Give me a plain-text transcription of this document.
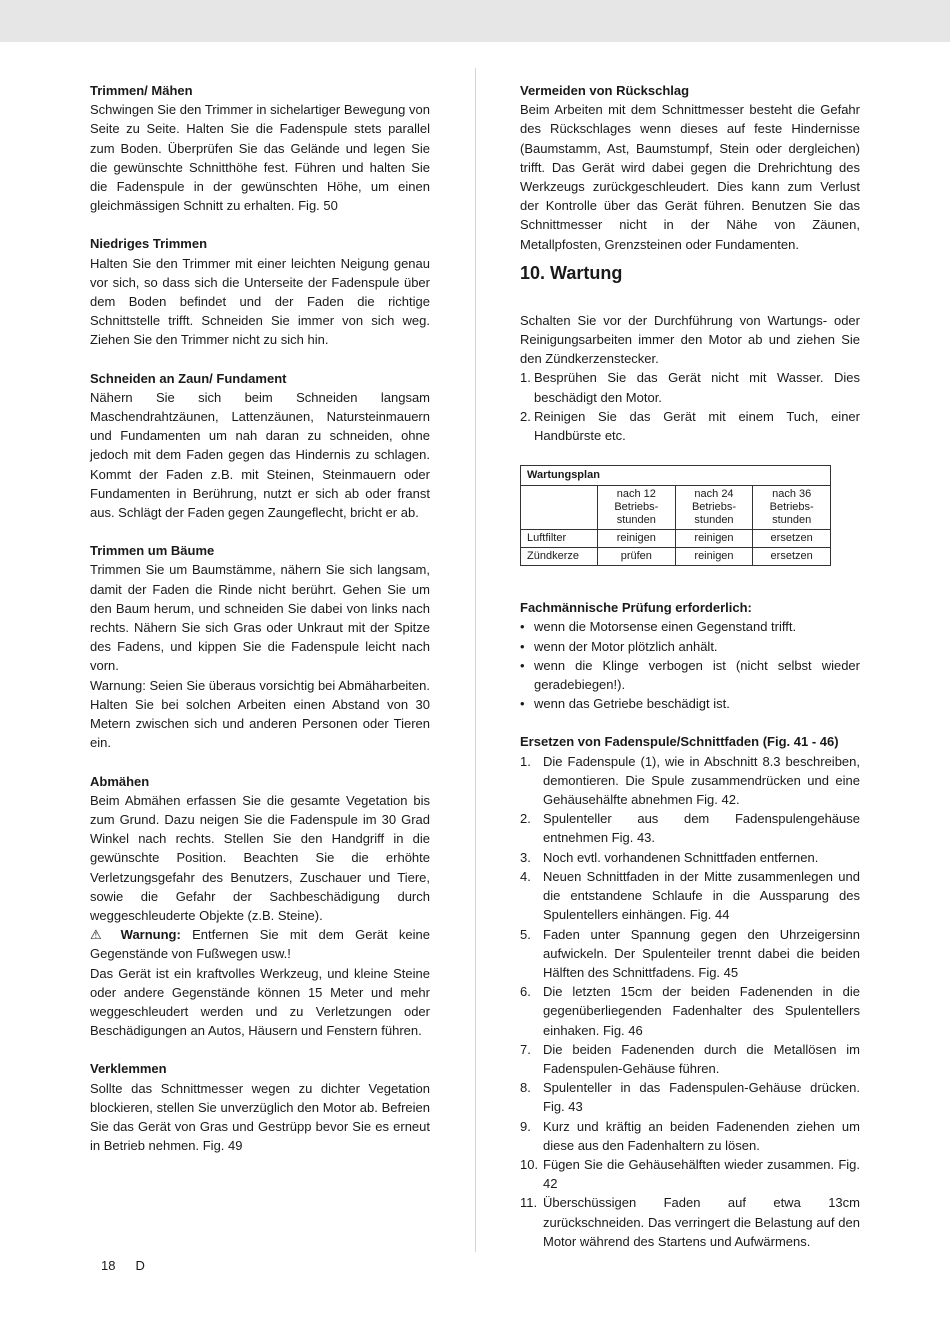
Trimmen/ Mähen
Schwingen Sie den Trimmer in sichelartiger Bewegung von Seite zu Seite. Halten Sie die Fadenspule stets parallel zum Boden. Überprüfen Sie das Gelände und legen Sie die gewünschte Schnitthöhe fest. Führen und halten Sie die Fadenspule in der gewünschten Höhe, um einen gleichmässigen Schnitt zu erhalten. Fig. 50
Niedriges Trimmen
Halten Sie den Trimmer mit einer leichten Neigung genau vor sich, so dass sich die Unterseite der Fadenspule über dem Boden befindet und der Faden die richtige Schnittstelle trifft. Schneiden Sie immer von sich weg. Ziehen Sie den Trimmer nicht zu sich hin.
Schneiden an Zaun/ Fundament
Nähern Sie sich beim Schneiden langsam Maschendrahtzäunen, Lattenzäunen, Natursteinmauern und Fundamenten um nah daran zu schneiden, ohne jedoch mit dem Faden gegen das Hindernis zu schlagen. Kommt der Faden z.B. mit Steinen, Steinmauern oder Fundamenten in Berührung, nutzt er sich ab oder franst aus. Schlägt der Faden gegen Zaungeflecht, bricht er ab.
Trimmen um Bäume
Trimmen Sie um Baumstämme, nähern Sie sich langsam, damit der Faden die Rinde nicht berührt. Gehen Sie um den Baum herum, und schneiden Sie dabei von links nach rechts. Nähern Sie sich Gras oder Unkraut mit der Spitze des Fadens, und kippen Sie die Fadenspule leicht nach vorn.
Warnung: Seien Sie überaus vorsichtig bei Abmäharbeiten. Halten Sie bei solchen Arbeiten einen Abstand von 30 Metern zwischen sich und anderen Personen oder Tieren ein.
Abmähen
Beim Abmähen erfassen Sie die gesamte Vegetation bis zum Grund. Dazu neigen Sie die Fadenspule im 30 Grad Winkel nach rechts. Stellen Sie den Handgriff in die gewünschte Position. Beachten Sie die erhöhte Verletzungsgefahr des Benutzers, Zuschauer und Tiere, sowie die Gefahr der Sachbeschädigung durch weggeschleuderte Objekte (z.B. Steine).
⚠ Warnung: Entfernen Sie mit dem Gerät keine Gegenstände von Fußwegen usw.!
Das Gerät ist ein kraftvolles Werkzeug, und kleine Steine oder andere Gegenstände können 15 Meter und mehr weggeschleudert werden und zu Verletzungen oder Beschädigungen an Autos, Häusern und Fenstern führen.
Verklemmen
Sollte das Schnittmesser wegen zu dichter Vegetation blockieren, stellen Sie unverzüglich den Motor ab. Befreien Sie das Gerät von Gras und Gestrüpp bevor Sie es erneut in Betrieb nehmen. Fig. 49
Vermeiden von Rückschlag
Beim Arbeiten mit dem Schnittmesser besteht die Gefahr des Rückschlages wenn dieses auf feste Hindernisse (Baumstamm, Ast, Baumstumpf, Stein oder dergleichen) trifft. Das Gerät wird dabei gegen die Drehrichtung des Werkzeugs zurückgeschleudert. Dies kann zum Verlust der Kontrolle über das Gerät führen. Benutzen Sie das Schnittmesser nicht in der Nähe von Zäunen, Metallpfosten, Grenzsteinen oder Fundamenten.
10. Wartung
Schalten Sie vor der Durchführung von Wartungs- oder Reinigungsarbeiten immer den Motor ab und ziehen Sie den Zündkerzenstecker.
1. Besprühen Sie das Gerät nicht mit Wasser. Dies beschädigt den Motor.
2. Reinigen Sie das Gerät mit einem Tuch, einer Handbürste etc.
Wartungsplan			
	nach 12 Betriebs-stunden	nach 24 Betriebs-stunden	nach 36 Betriebs-stunden
Luftfilter	reinigen	reinigen	ersetzen
Zündkerze	prüfen	reinigen	ersetzen
Fachmännische Prüfung erforderlich:
• wenn die Motorsense einen Gegenstand trifft.
• wenn der Motor plötzlich anhält.
• wenn die Klinge verbogen ist (nicht selbst wieder geradebiegen!).
• wenn das Getriebe beschädigt ist.
Ersetzen von Fadenspule/Schnittfaden (Fig. 41 - 46)
1. Die Fadenspule (1), wie in Abschnitt 8.3 beschreiben, demontieren. Die Spule zusammendrücken und eine Gehäusehälfte abnehmen Fig. 42.
2. Spulenteller aus dem Fadenspulengehäuse entnehmen Fig. 43.
3. Noch evtl. vorhandenen Schnittfaden entfernen.
4. Neuen Schnittfaden in der Mitte zusammenlegen und die entstandene Schlaufe in die Aussparung des Spulentellers einhängen. Fig. 44
5. Faden unter Spannung gegen den Uhrzeigersinn aufwickeln. Der Spulenteiler trennt dabei die beiden Hälften des Schnittfadens. Fig. 45
6. Die letzten 15cm der beiden Fadenenden in die gegenüberliegenden Fadenhalter des Spulentellers einhaken. Fig. 46
7. Die beiden Fadenenden durch die Metallösen im Fadenspulen-Gehäuse führen.
8. Spulenteller in das Fadenspulen-Gehäuse drücken. Fig. 43
9. Kurz und kräftig an beiden Fadenenden ziehen um diese aus den Fadenhaltern zu lösen.
10. Fügen Sie die Gehäusehälften wieder zusammen. Fig. 42
11. Überschüssigen Faden auf etwa 13cm zurückschneiden. Das verringert die Belastung auf den Motor während des Startens und Aufwärmens.
18 D
